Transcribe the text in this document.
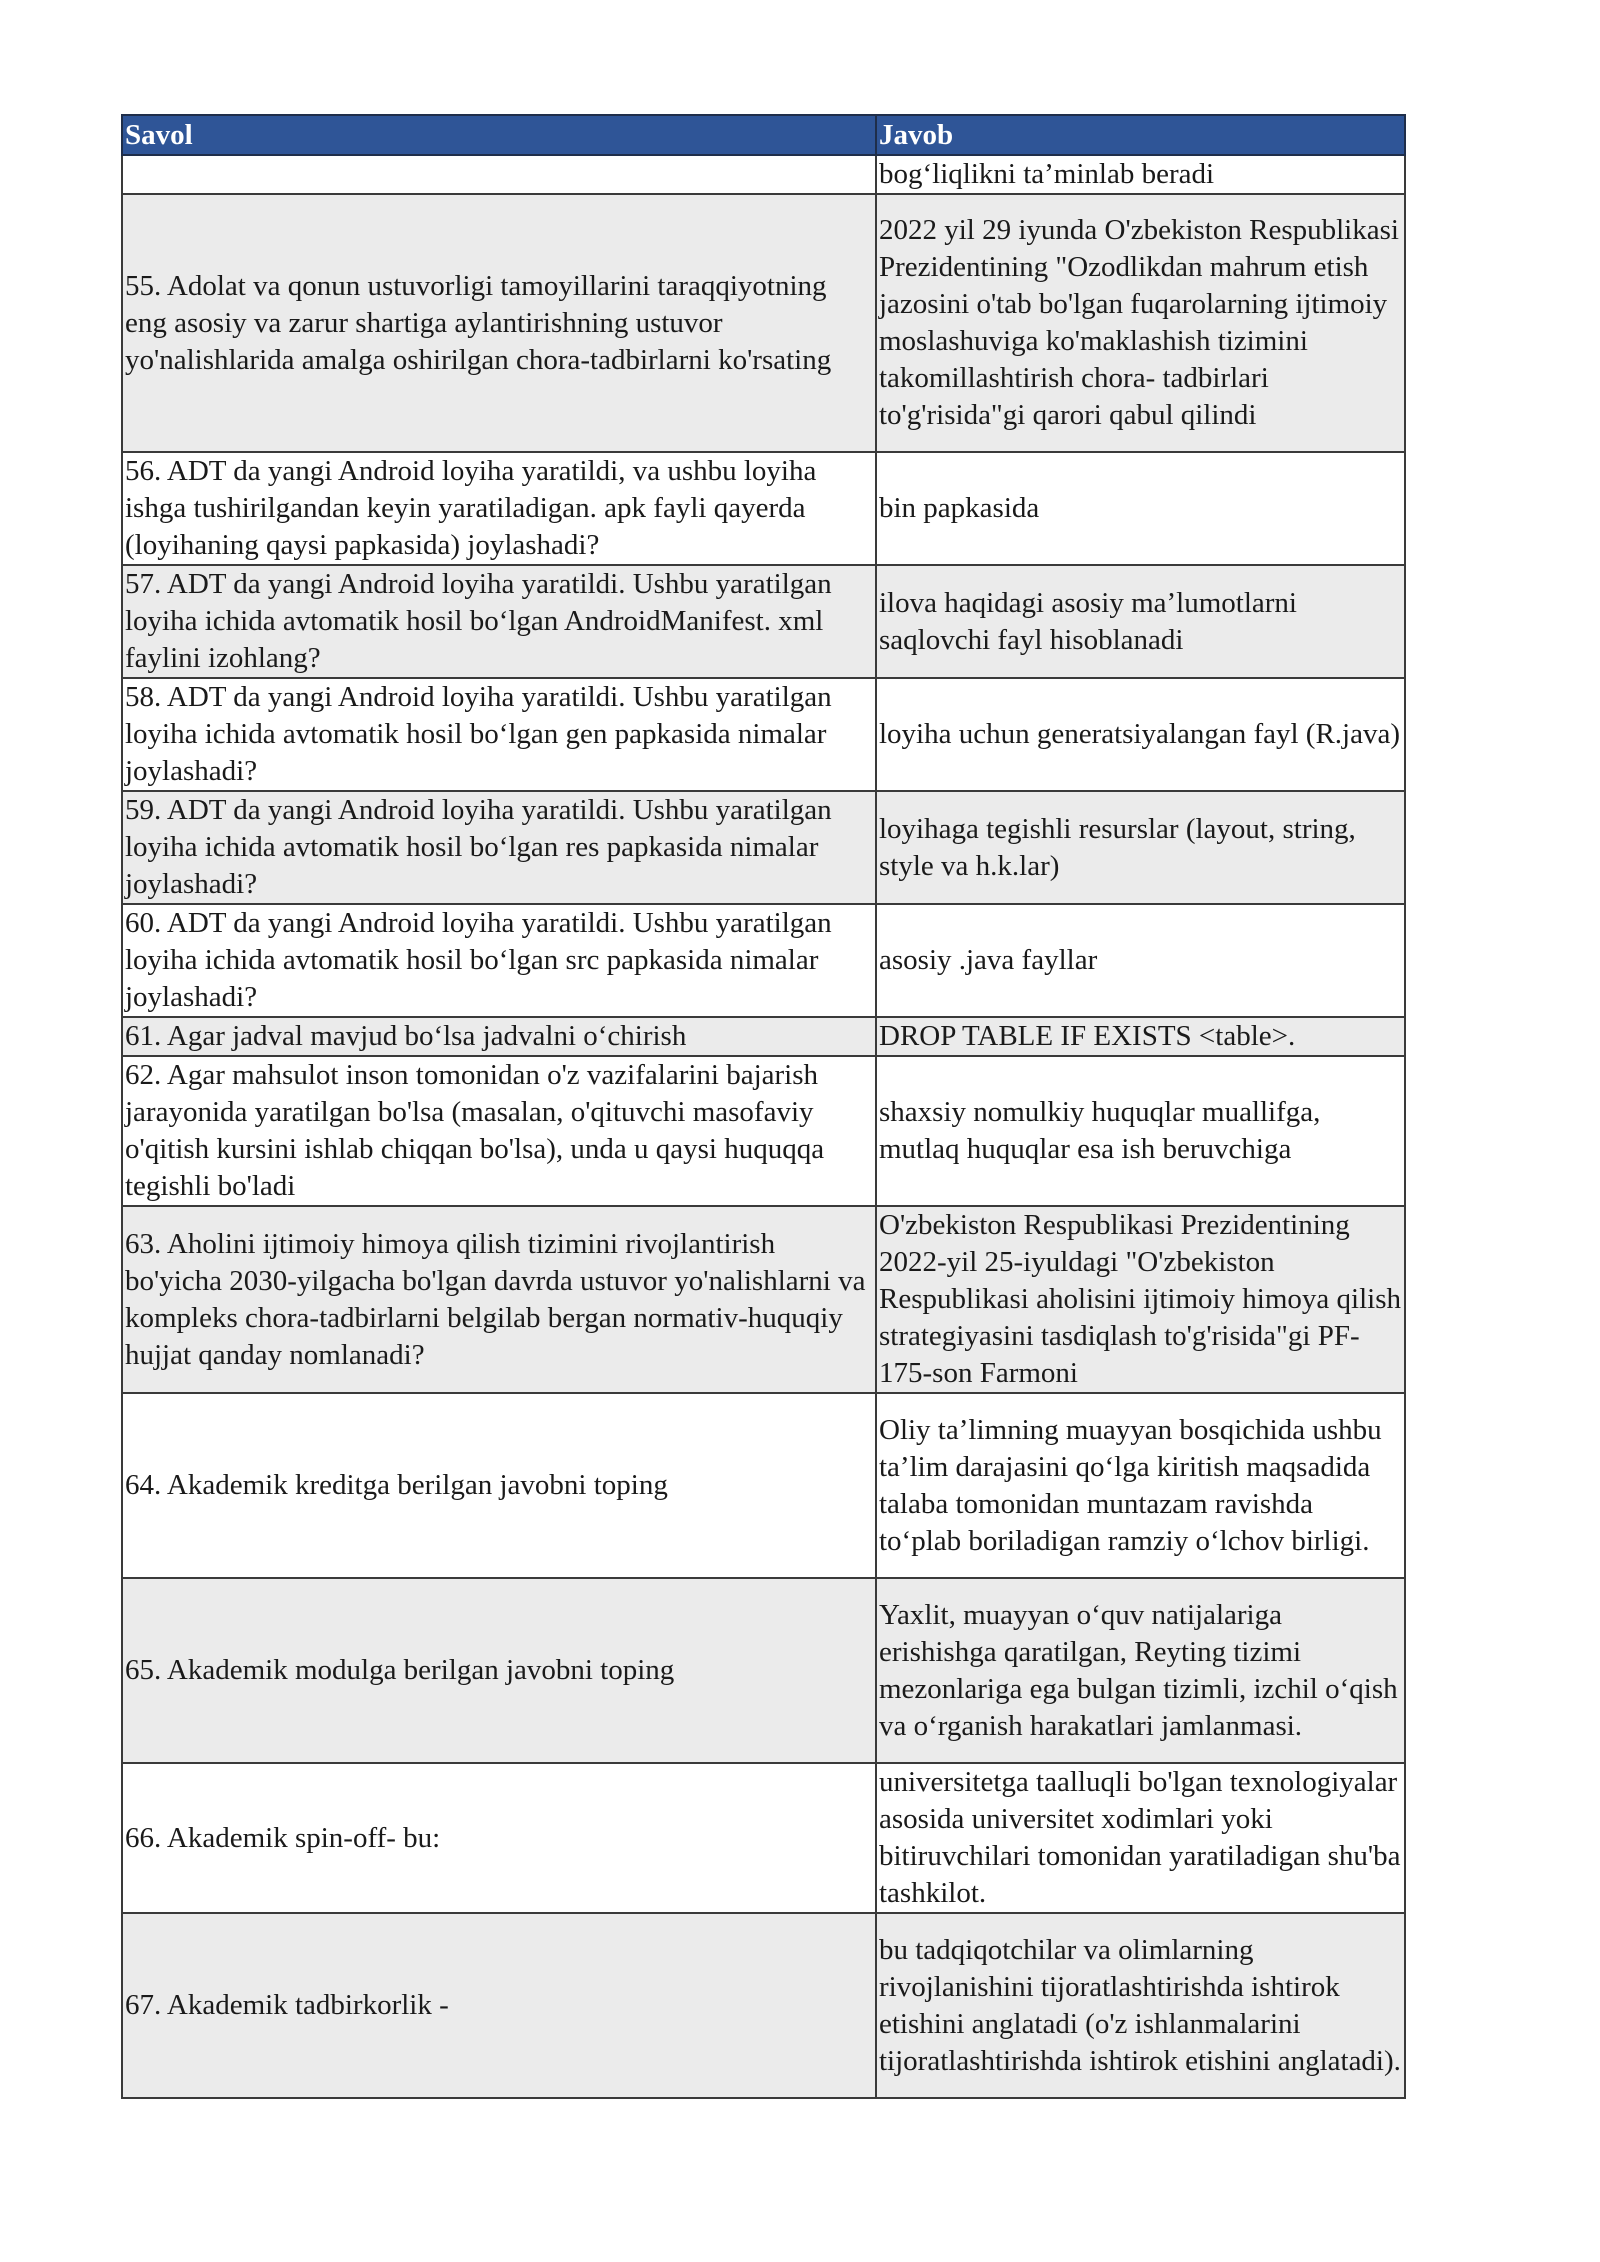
Savol	Javob
	bog‘liqlikni ta’minlab beradi
55. Adolat va qonun ustuvorligi tamoyillarini taraqqiyotning eng asosiy va zarur shartiga aylantirishning ustuvor yo'nalishlarida amalga oshirilgan chora-tadbirlarni ko'rsating	2022 yil 29 iyunda O'zbekiston Respublikasi Prezidentining "Ozodlikdan mahrum etish jazosini o'tab bo'lgan fuqarolarning ijtimoiy moslashuviga ko'maklashish tizimini takomillashtirish chora- tadbirlari to'g'risida"gi qarori qabul qilindi
56. ADT da yangi Android loyiha yaratildi, va ushbu loyiha ishga tushirilgandan keyin yaratiladigan. apk fayli qayerda (loyihaning qaysi papkasida) joylashadi?	bin papkasida
57. ADT da yangi Android loyiha yaratildi. Ushbu yaratilgan loyiha ichida avtomatik hosil bo‘lgan AndroidManifest. xml faylini izohlang?	ilova haqidagi asosiy ma’lumotlarni saqlovchi fayl hisoblanadi
58. ADT da yangi Android loyiha yaratildi. Ushbu yaratilgan loyiha ichida avtomatik hosil bo‘lgan gen papkasida nimalar joylashadi?	loyiha uchun generatsiyalangan fayl (R.java)
59. ADT da yangi Android loyiha yaratildi. Ushbu yaratilgan loyiha ichida avtomatik hosil bo‘lgan res papkasida nimalar joylashadi?	loyihaga tegishli resurslar (layout, string, style va h.k.lar)
60. ADT da yangi Android loyiha yaratildi. Ushbu yaratilgan loyiha ichida avtomatik hosil bo‘lgan src papkasida nimalar joylashadi?	asosiy .java fayllar
61. Agar jadval mavjud bo‘lsa jadvalni o‘chirish	DROP TABLE IF EXISTS <table>.
62. Agar mahsulot inson tomonidan o'z vazifalarini bajarish jarayonida yaratilgan bo'lsa (masalan, o'qituvchi masofaviy o'qitish kursini ishlab chiqqan bo'lsa), unda u qaysi huquqqa tegishli bo'ladi	shaxsiy nomulkiy huquqlar muallifga, mutlaq huquqlar esa ish beruvchiga
63. Aholini ijtimoiy himoya qilish tizimini rivojlantirish bo'yicha 2030-yilgacha bo'lgan davrda ustuvor yo'nalishlarni va kompleks chora-tadbirlarni belgilab bergan normativ-huquqiy hujjat qanday nomlanadi?	O'zbekiston Respublikasi Prezidentining 2022-yil 25-iyuldagi "O'zbekiston Respublikasi aholisini ijtimoiy himoya qilish strategiyasini tasdiqlash to'g'risida"gi PF-175-son Farmoni
64. Akademik kreditga berilgan javobni toping	Oliy ta’limning muayyan bosqichida ushbu ta’lim darajasini qo‘lga kiritish maqsadida talaba tomonidan muntazam ravishda to‘plab boriladigan ramziy o‘lchov birligi.
65. Akademik modulga berilgan javobni toping	Yaxlit, muayyan o‘quv natijalariga erishishga qaratilgan, Reyting tizimi mezonlariga ega bulgan tizimli, izchil o‘qish va o‘rganish harakatlari jamlanmasi.
66. Akademik spin-off- bu:	universitetga taalluqli bo'lgan texnologiyalar asosida universitet xodimlari yoki bitiruvchilari tomonidan yaratiladigan shu'ba tashkilot.
67. Akademik tadbirkorlik -	bu tadqiqotchilar va olimlarning rivojlanishini tijoratlashtirishda ishtirok etishini anglatadi (o'z ishlanmalarini tijoratlashtirishda ishtirok etishini anglatadi).
